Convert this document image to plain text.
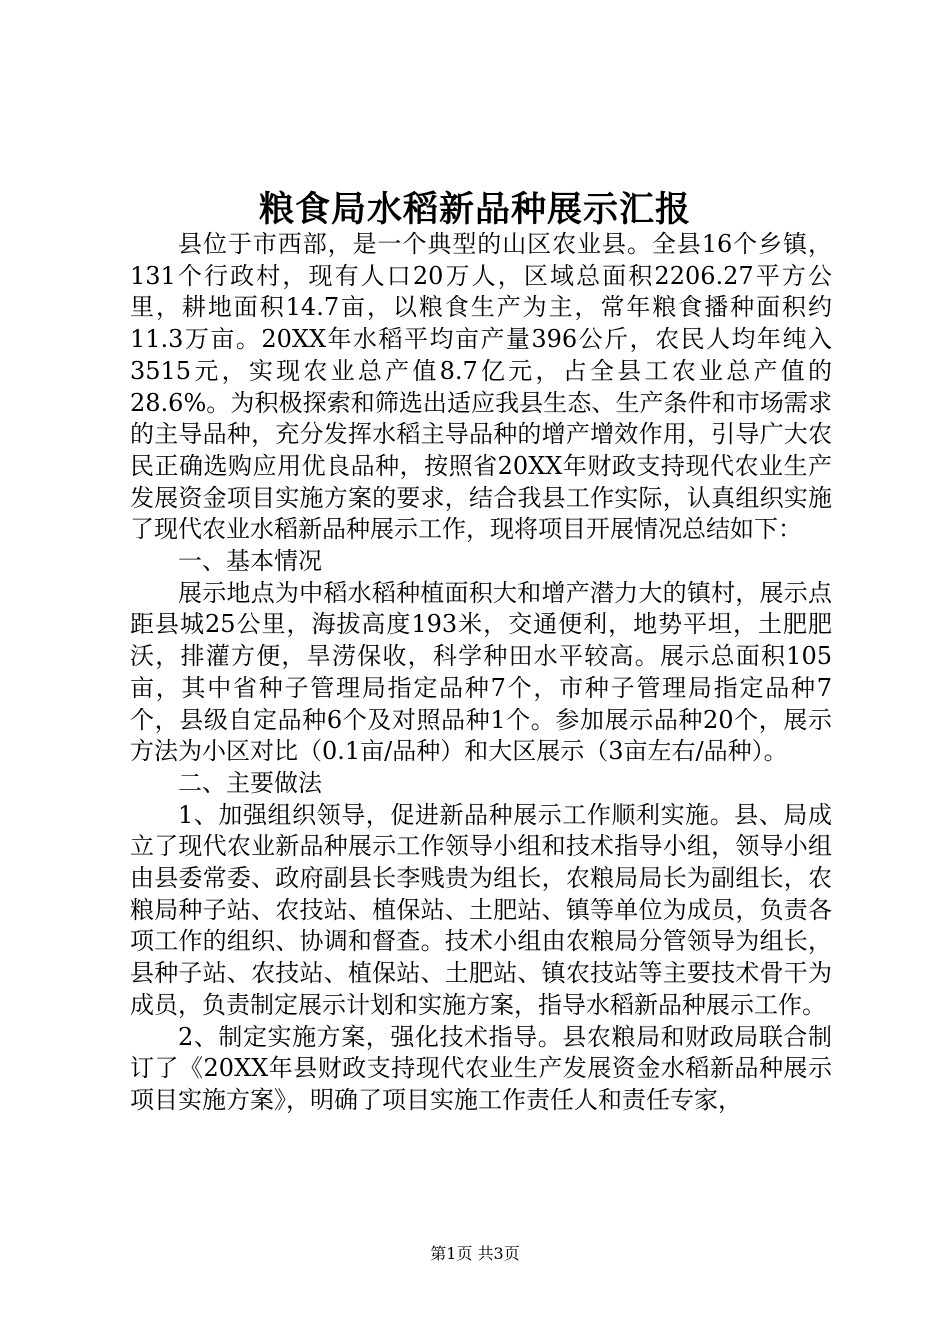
粮食局水稻新品种展示汇报

县位于市西部，是一个典型的山区农业县。全县16个乡镇，131个行政村，现有人口20万人，区域总面积2206.27平方公里，耕地面积14.7亩，以粮食生产为主，常年粮食播种面积约11.3万亩。20XX年水稻平均亩产量396公斤，农民人均年纯入3515元，实现农业总产值8.7亿元，占全县工农业总产值的28.6%。为积极探索和筛选出适应我县生态、生产条件和市场需求的主导品种，充分发挥水稻主导品种的增产增效作用，引导广大农民正确选购应用优良品种，按照省20XX年财政支持现代农业生产发展资金项目实施方案的要求，结合我县工作实际，认真组织实施了现代农业水稻新品种展示工作，现将项目开展情况总结如下：

一、基本情况

展示地点为中稻水稻种植面积大和增产潜力大的镇村，展示点距县城25公里，海拔高度193米，交通便利，地势平坦，土肥肥沃，排灌方便，旱涝保收，科学种田水平较高。展示总面积105亩，其中省种子管理局指定品种7个，市种子管理局指定品种7个，县级自定品种6个及对照品种1个。参加展示品种20个，展示方法为小区对比（0.1亩/品种）和大区展示（3亩左右/品种）。

二、主要做法

1、加强组织领导，促进新品种展示工作顺利实施。县、局成立了现代农业新品种展示工作领导小组和技术指导小组，领导小组由县委常委、政府副县长李贱贵为组长，农粮局局长为副组长，农粮局种子站、农技站、植保站、土肥站、镇等单位为成员，负责各项工作的组织、协调和督查。技术小组由农粮局分管领导为组长，县种子站、农技站、植保站、土肥站、镇农技站等主要技术骨干为成员，负责制定展示计划和实施方案，指导水稻新品种展示工作。

2、制定实施方案，强化技术指导。县农粮局和财政局联合制订了《20XX年县财政支持现代农业生产发展资金水稻新品种展示项目实施方案》，明确了项目实施工作责任人和责任专家，

第1页 共3页
